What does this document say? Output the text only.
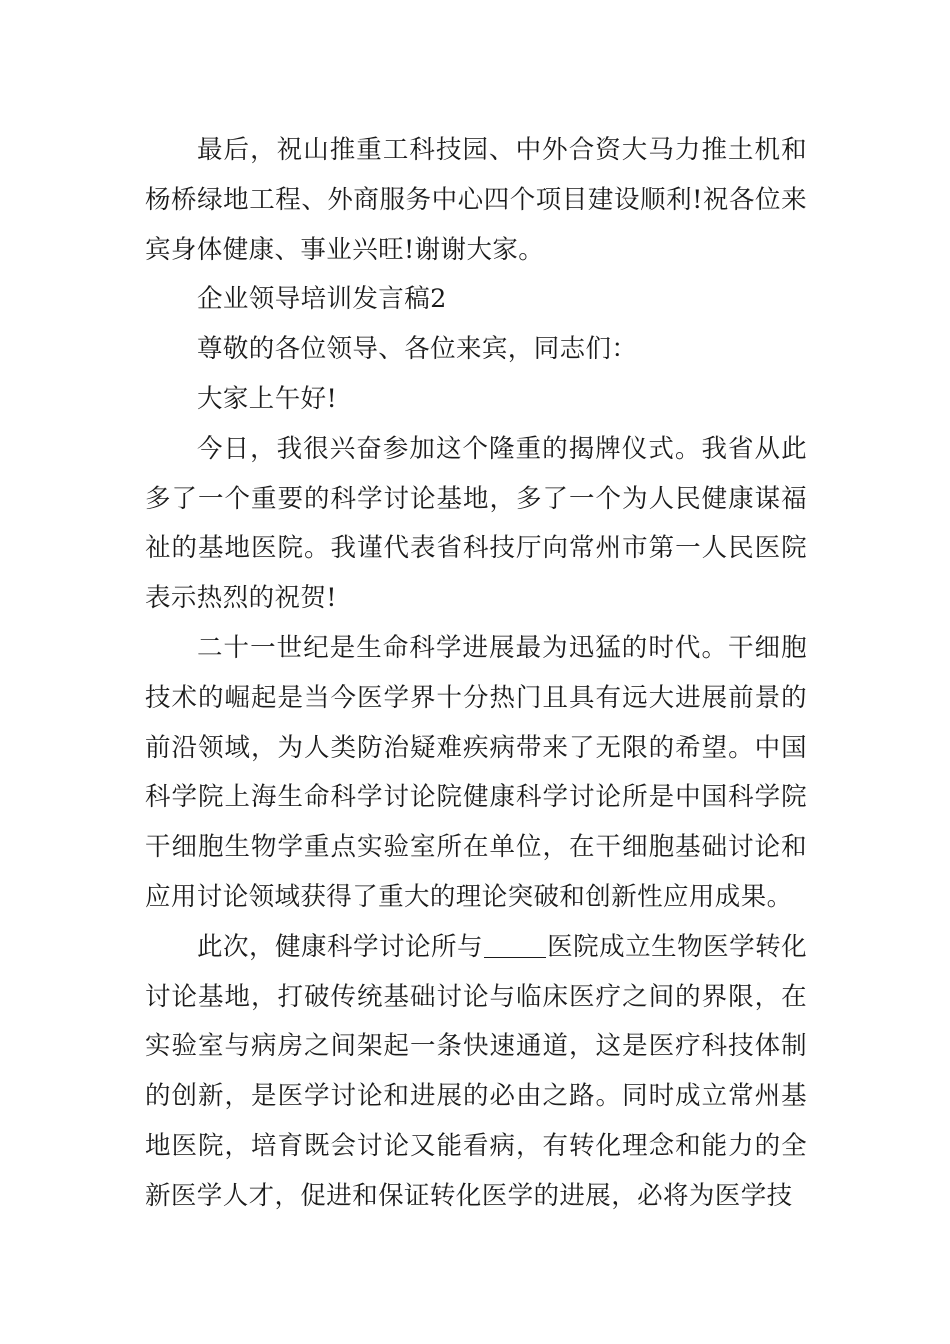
最后，祝山推重工科技园、中外合资大马力推土机和杨桥绿地工程、外商服务中心四个项目建设顺利!祝各位来宾身体健康、事业兴旺!谢谢大家。

企业领导培训发言稿2

尊敬的各位领导、各位来宾，同志们：

大家上午好!

今日，我很兴奋参加这个隆重的揭牌仪式。我省从此多了一个重要的科学讨论基地，多了一个为人民健康谋福祉的基地医院。我谨代表省科技厅向常州市第一人民医院表示热烈的祝贺!

二十一世纪是生命科学进展最为迅猛的时代。干细胞技术的崛起是当今医学界十分热门且具有远大进展前景的前沿领域，为人类防治疑难疾病带来了无限的希望。中国科学院上海生命科学讨论院健康科学讨论所是中国科学院干细胞生物学重点实验室所在单位，在干细胞基础讨论和应用讨论领域获得了重大的理论突破和创新性应用成果。

此次，健康科学讨论所与	医院成立生物医学转化讨论基地，打破传统基础讨论与临床医疗之间的界限，在实验室与病房之间架起一条快速通道，这是医疗科技体制的创新，是医学讨论和进展的必由之路。同时成立常州基地医院，培育既会讨论又能看病，有转化理念和能力的全新医学人才，促进和保证转化医学的进展，必将为医学技
